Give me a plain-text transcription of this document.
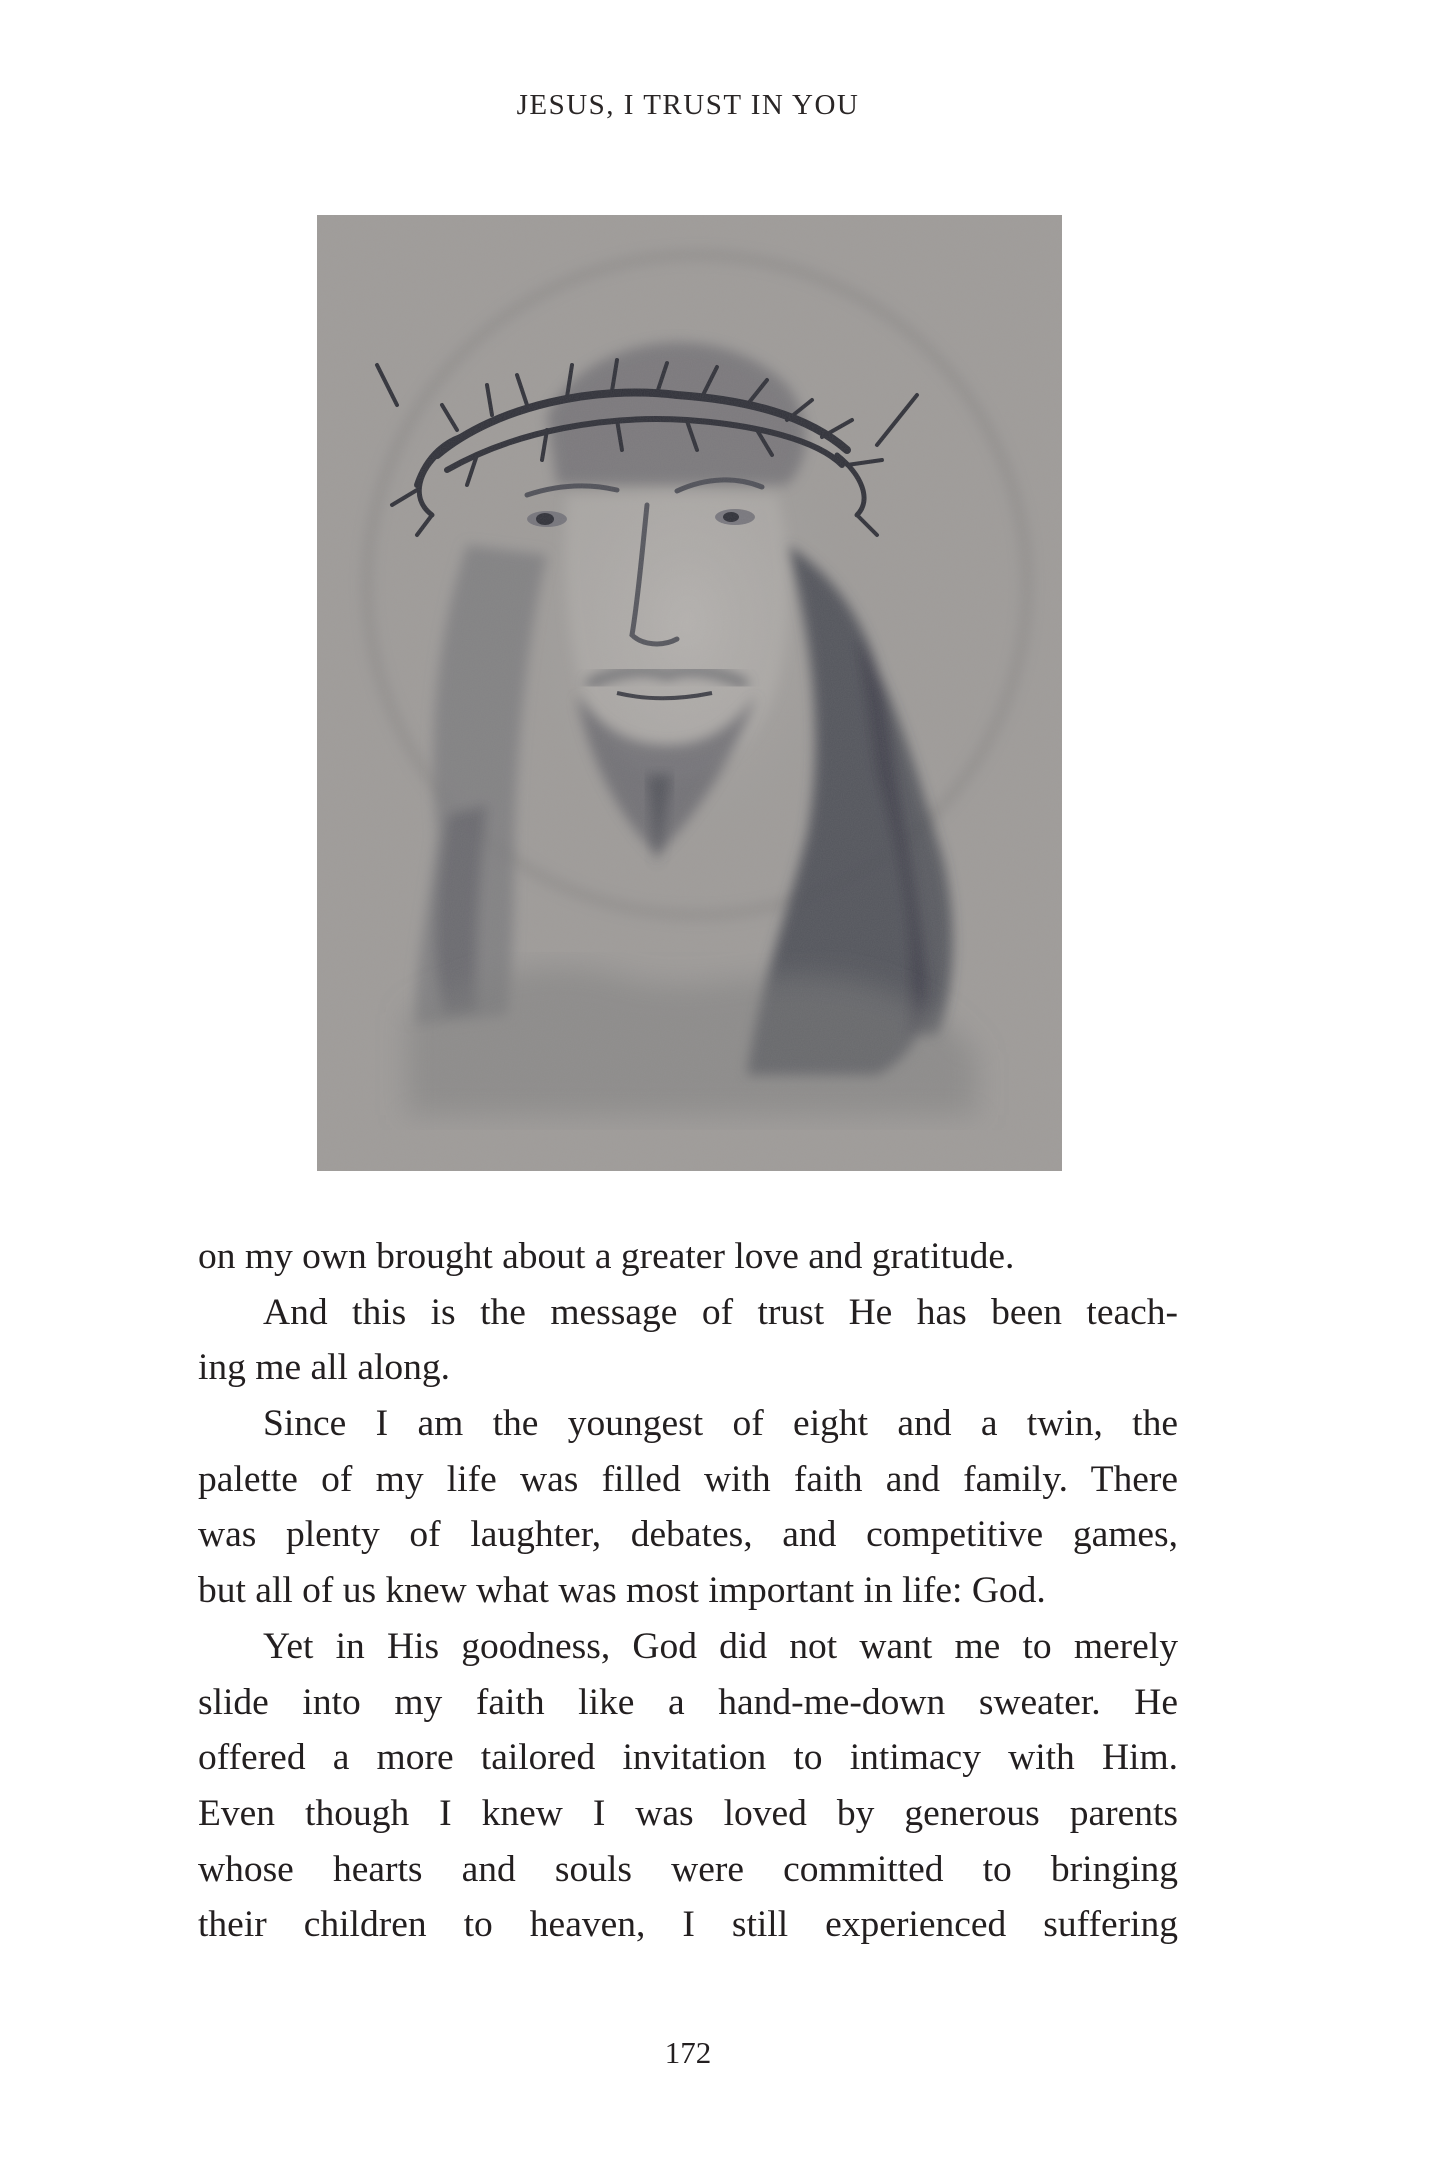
JESUS, I TRUST IN YOU
on my own brought about a greater love and gratitude.
And this is the message of trust He has been teach-
ing me all along.
Since I am the youngest of eight and a twin, the
palette of my life was filled with faith and family. There
was plenty of laughter, debates, and competitive games,
but all of us knew what was most important in life: God.
Yet in His goodness, God did not want me to merely
slide into my faith like a hand-me-down sweater. He
offered a more tailored invitation to intimacy with Him.
Even though I knew I was loved by generous parents
whose hearts and souls were committed to bringing
their children to heaven, I still experienced suffering
172
